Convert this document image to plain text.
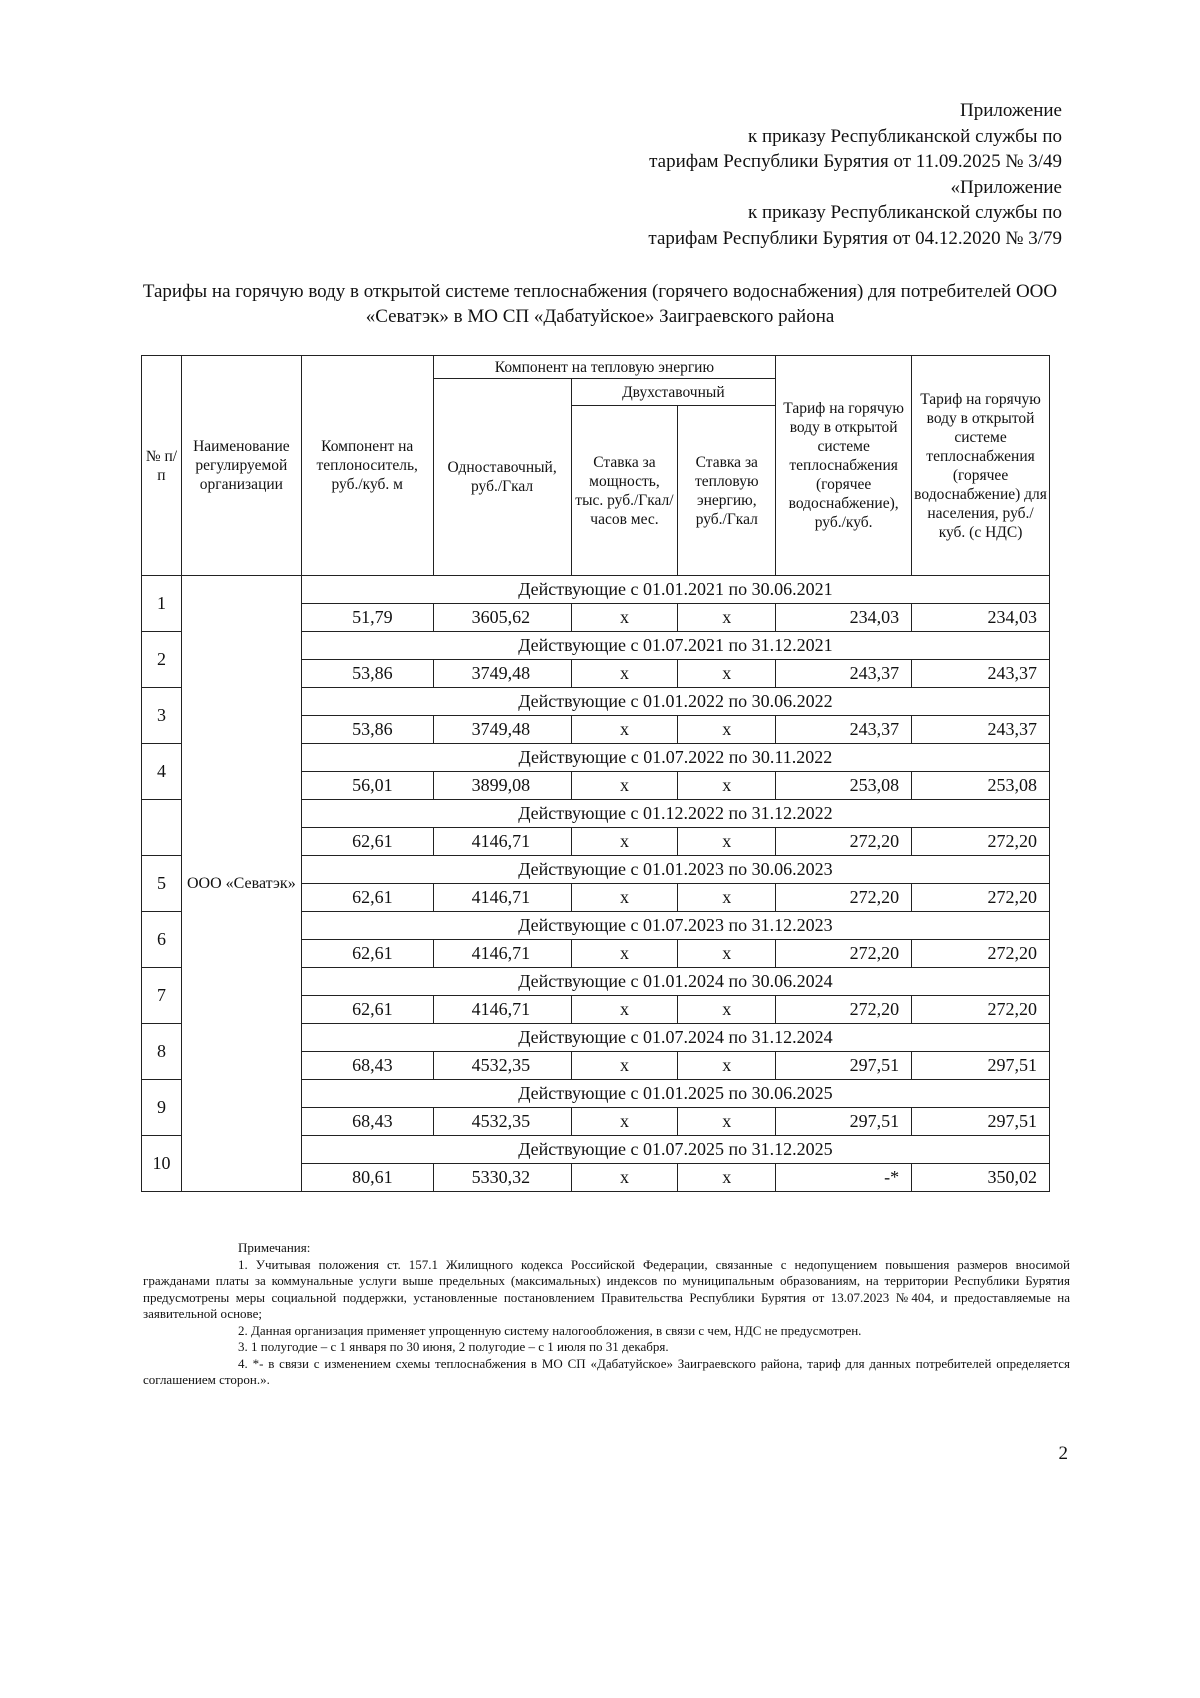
Приложение
к приказу Республиканской службы по
тарифам Республики Бурятия от 11.09.2025 № 3/49
«Приложение
к приказу Республиканской службы по
тарифам Республики Бурятия от 04.12.2020 № 3/79
Тарифы на горячую воду в открытой системе теплоснабжения (горячего водоснабжения) для потребителей ООО «Севатэк» в МО СП «Дабатуйское» Заиграевского района
№ п/п	Наименование регулируемой организации	Компонент на теплоноситель, руб./куб. м	Компонент на тепловую энергию			Тариф на горячую воду в открытой системе теплоснабжения (горячее водоснабжение), руб./куб.	Тариф на горячую воду в открытой системе теплоснабжения (горячее водоснабжение) для населения, руб./куб. (с НДС)
			Одноставочный, руб./Гкал	Двухставочный			
				Ставка за мощность, тыс. руб./Гкал/ часов мес.	Ставка за тепловую энергию, руб./Гкал		
1	ООО «Севатэк»	Действующие с 01.01.2021 по 30.06.2021					
		51,79	3605,62	х	х	234,03	234,03
2		Действующие с 01.07.2021 по 31.12.2021					
		53,86	3749,48	х	х	243,37	243,37
3		Действующие с 01.01.2022 по 30.06.2022					
		53,86	3749,48	х	х	243,37	243,37
4		Действующие с 01.07.2022 по 30.11.2022					
		56,01	3899,08	х	х	253,08	253,08
		Действующие с 01.12.2022 по 31.12.2022					
		62,61	4146,71	х	х	272,20	272,20
5		Действующие с 01.01.2023 по 30.06.2023					
		62,61	4146,71	х	х	272,20	272,20
6		Действующие с 01.07.2023 по 31.12.2023					
		62,61	4146,71	х	х	272,20	272,20
7		Действующие с 01.01.2024 по 30.06.2024					
		62,61	4146,71	х	х	272,20	272,20
8		Действующие с 01.07.2024 по 31.12.2024					
		68,43	4532,35	х	х	297,51	297,51
9		Действующие с 01.01.2025 по 30.06.2025					
		68,43	4532,35	х	х	297,51	297,51
10		Действующие с 01.07.2025 по 31.12.2025					
		80,61	5330,32	х	х	-*	350,02

Примечания:

1. Учитывая положения ст. 157.1 Жилищного кодекса Российской Федерации, связанные с недопущением повышения размеров вносимой гражданами платы за коммунальные услуги выше предельных (максимальных) индексов по муниципальным образованиям, на территории Республики Бурятия предусмотрены меры социальной поддержки, установленные постановлением Правительства Республики Бурятия от 13.07.2023 №404, и предоставляемые на заявительной основе;

2. Данная организация применяет упрощенную систему налогообложения, в связи с чем, НДС не предусмотрен.

3. 1 полугодие – с 1 января по 30 июня, 2 полугодие – с 1 июля по 31 декабря.

4. *- в связи с изменением схемы теплоснабжения в МО СП «Дабатуйское» Заиграевского района, тариф для данных потребителей определяется соглашением сторон.».

2
